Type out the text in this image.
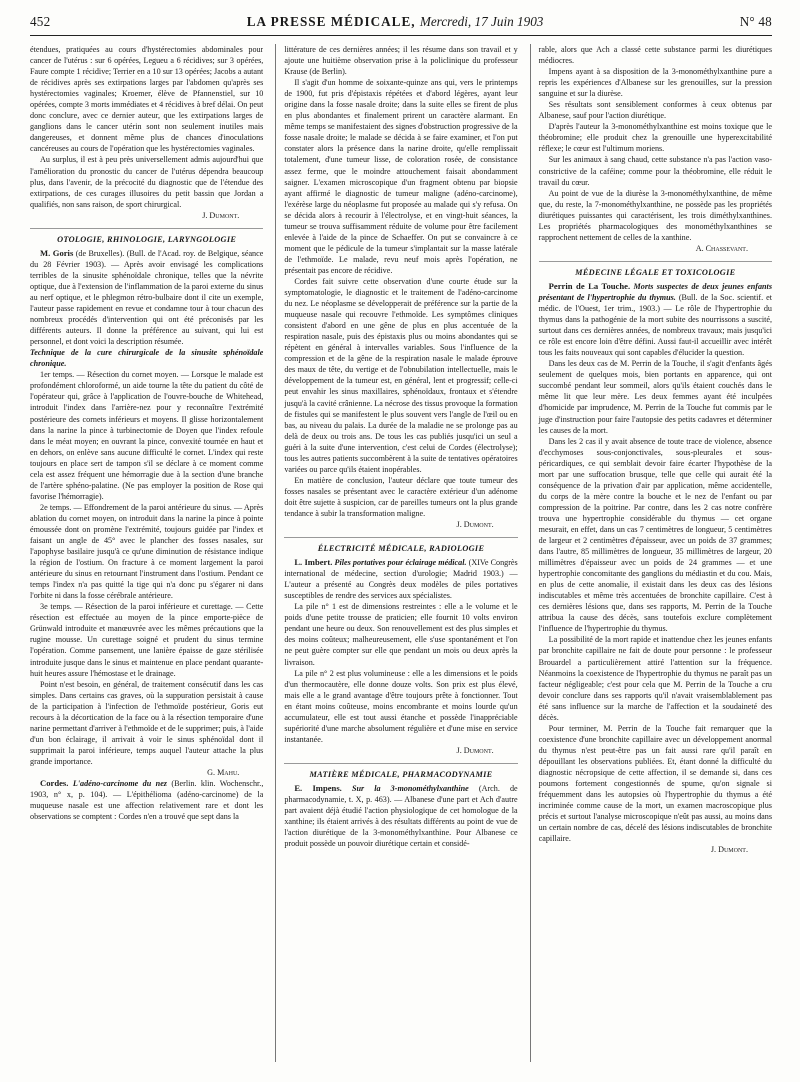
452	LA PRESSE MÉDICALE, Mercredi, 17 Juin 1903	N° 48

étendues, pratiquées au cours d'hystérectomies abdominales pour cancer de l'utérus : sur 6 opérées, Legueu a 6 récidives; sur 3 opérées, Faure compte 1 récidive; Terrier en a 10 sur 13 opérées; Jacobs a autant de récidives après ses extirpations larges par l'abdomen qu'après ses hystérectomies vaginales; Kroemer, élève de Pfannenstiel, sur 10 opérées, compte 3 morts immédiates et 4 récidives à bref délai. On peut donc conclure, avec ce dernier auteur, que les extirpations larges de ganglions dans le cancer utérin sont non seulement inutiles mais dangereuses, et donnent même plus de chances d'inoculations cancéreuses au cours de l'opération que les hystérectomies vaginales.

Au surplus, il est à peu près universellement admis aujourd'hui que l'amélioration du pronostic du cancer de l'utérus dépendra beaucoup plus, dans l'avenir, de la précocité du diagnostic que de l'étendue des extirpations, de ces curages illusoires du petit bassin que Jordan a qualifiés, non sans raison, de sport chirurgical.

J. Dumont.

OTOLOGIE, RHINOLOGIE, LARYNGOLOGIE

M. Goris (de Bruxelles). (Bull. de l'Acad. roy. de Belgique, séance du 28 Février 1903). — Après avoir envisagé les complications terribles de la sinusite sphénoïdale chronique, telles que la névrite optique, due à l'extension de l'inflammation de la paroi externe du sinus au nerf optique, et le phlegmon rétro-bulbaire dont il cite un exemple, l'auteur passe rapidement en revue et condamne tour à tour chacun des nombreux procédés d'intervention qui ont été préconisés par les différents auteurs. Il donne la préférence au suivant, qui lui est personnel, et dont voici la description résumée.

Technique de la cure chirurgicale de la sinusite sphénoïdale chronique.

1er temps. — Résection du cornet moyen. — Lorsque le malade est profondément chloroformé, un aide tourne la tête du patient du côté de l'opérateur qui, grâce à l'application de l'ouvre-bouche de Whitehead, introduit l'index dans l'arrière-nez pour y reconnaître l'extrémité postérieure des cornets inférieurs et moyens. Il glisse horizontalement dans la narine la pince à turbinectomie de Doyen que l'index refoule dans le méat moyen; en ouvrant la pince, convexité tournée en haut et en dehors, on enlève sans aucune difficulté le cornet. L'index qui reste toujours en place sert de tampon s'il se déclare à ce moment comme cela est assez fréquent une hémorragie due à la section d'une branche de l'artère sphéno-palatine. (Ne pas employer la position de Rose qui favorise l'hémorragie).

2e temps. — Effondrement de la paroi antérieure du sinus. — Après ablation du cornet moyen, on introduit dans la narine la pince à pointe émoussée dont on promène l'extrémité, toujours guidée par l'index et faisant un angle de 45° avec le plancher des fosses nasales, sur l'apophyse basilaire jusqu'à ce qu'une diminution de résistance indique la région de l'ostium. On fracture à ce moment largement la paroi antérieure du sinus en retournant l'instrument dans l'ostium. Pendant ce temps l'index n'a pas quitté la tige qui n'a donc pu s'égarer ni dans l'orbite ni dans la fosse cérébrale antérieure.

3e temps. — Résection de la paroi inférieure et curettage. — Cette résection est effectuée au moyen de la pince emporte-pièce de Grünwald introduite et manœuvrée avec les mêmes précautions que la rugine mousse. Un curettage soigné et prudent du sinus termine l'opération. Comme pansement, une lanière épaisse de gaze stérilisée introduite jusque dans le sinus et maintenue en place pendant quarante-huit heures assure l'hémostase et le drainage.

Point n'est besoin, en général, de traitement consécutif dans les cas simples. Dans certains cas graves, où la suppuration persistait à cause de la participation à l'infection de l'ethmoïde postérieur, Goris eut recours à la décortication de la face ou à la résection temporaire d'une narine permettant d'arriver à l'ethmoïde et de le supprimer; puis, à l'aide d'un bon éclairage, il arrivait à voir le sinus sphénoïdal dont il supprimait la paroi inférieure, temps auquel l'auteur attache la plus grande importance.

G. Mahu.

Cordes. L'adéno-carcinome du nez (Berlin. klin. Wochenschr., 1903, n° x, p. 104). — L'épithélioma (adéno-carcinome) de la muqueuse nasale est une affection relativement rare et dont les observations se comptent : Cordes n'en a trouvé que sept dans la

littérature de ces dernières années; il les résume dans son travail et y ajoute une huitième observation prise à la policlinique du professeur Krause (de Berlin).

Il s'agit d'un homme de soixante-quinze ans qui, vers le printemps de 1900, fut pris d'épistaxis répétées et d'abord légères, ayant leur origine dans la fosse nasale droite; dans la suite elles se firent de plus en plus abondantes et finalement prirent un caractère alarmant. En même temps se manifestaient des signes d'obstruction progressive de la fosse nasale droite; le malade se décida à se faire examiner, et l'on put constater alors la présence dans la narine droite, qu'elle remplissait totalement, d'une tumeur lisse, de coloration rosée, de consistance assez ferme, que le moindre attouchement faisait abondamment saigner. L'examen microscopique d'un fragment obtenu par biopsie ayant affirmé le diagnostic de tumeur maligne (adéno-carcinome), l'exérèse large du néoplasme fut proposée au malade qui s'y refusa. On se décida alors à recourir à l'électrolyse, et en vingt-huit séances, la tumeur se trouva suffisamment réduite de volume pour être facilement enlevée à l'aide de la pince de Schaeffer. On put se convaincre à ce moment que le pédicule de la tumeur s'implantait sur la masse latérale de l'ethmoïde. Le malade, revu neuf mois après l'opération, ne présentait pas encore de récidive.

Cordes fait suivre cette observation d'une courte étude sur la symptomatologie, le diagnostic et le traitement de l'adéno-carcinome du nez. Le néoplasme se développerait de préférence sur la partie de la muqueuse nasale qui recouvre l'ethmoïde. Les symptômes cliniques consistent d'abord en une gêne de plus en plus accentuée de la respiration nasale, puis des épistaxis plus ou moins abondantes qui se répètent en général à intervalles variables. Sous l'influence de la compression et de la gêne de la respiration nasale le malade éprouve des maux de tête, du vertige et de l'obnubilation intellectuelle, mais le développement de la tumeur est, en général, lent et progressif; celle-ci peut envahir les sinus maxillaires, sphénoïdaux, frontaux et s'étendre jusqu'à la cavité crânienne. La nécrose des tissus provoque la formation de fistules qui se manifestent le plus souvent vers l'angle de l'œil ou en bas, au niveau du palais. La durée de la maladie ne se prolonge pas au delà de deux ou trois ans. De tous les cas publiés jusqu'ici un seul a guéri à la suite d'une intervention, c'est celui de Cordes (électrolyse); tous les autres patients succombèrent à la suite de tentatives opératoires variées ou parce qu'ils étaient inopérables.

En matière de conclusion, l'auteur déclare que toute tumeur des fosses nasales se présentant avec le caractère extérieur d'un adénome doit être sujette à suspicion, car de pareilles tumeurs ont la plus grande tendance à subir la transformation maligne.

J. Dumont.

ÉLECTRICITÉ MÉDICALE, RADIOLOGIE

L. Imbert. Piles portatives pour éclairage médical. (XIVe Congrès international de médecine, section d'urologie; Madrid 1903.) — L'auteur a présenté au Congrès deux modèles de piles portatives susceptibles de rendre des services aux spécialistes.

La pile n° 1 est de dimensions restreintes : elle a le volume et le poids d'une petite trousse de praticien; elle fournit 10 volts environ pendant une heure ou deux. Son renouvellement est des plus simples et des moins coûteux; malheureusement, elle s'use spontanément et l'on ne peut guère compter sur elle que pendant un mois ou deux après la livraison.

La pile n° 2 est plus volumineuse : elle a les dimensions et le poids d'un thermocautère, elle donne douze volts. Son prix est plus élevé, mais elle a le grand avantage d'être toujours prête à fonctionner. Tout en étant moins coûteuse, moins encombrante et moins lourde qu'un accumulateur, elle est tout aussi étanche et possède l'inappréciable supériorité d'une marche absolument régulière et d'une mise en service instantanée.

J. Dumont.

MATIÈRE MÉDICALE, PHARMACODYNAMIE

E. Impens. Sur la 3-monométhylxanthine (Arch. de pharmacodynamie, t. X, p. 463). — Albanese d'une part et Ach d'autre part avaient déjà étudié l'action physiologique de cet homologue de la xanthine; ils étaient arrivés à des résultats différents au point de vue de l'action diurétique de la 3-monométhylxanthine. Pour Albanese ce produit possède un pouvoir diurétique certain et considé-

rable, alors que Ach a classé cette substance parmi les diurétiques médiocres.

Impens ayant à sa disposition de la 3-monométhylxanthine pure a repris les expériences d'Albanese sur les grenouilles, sur la pression sanguine et sur la diurèse.

Ses résultats sont sensiblement conformes à ceux obtenus par Albanese, sauf pour l'action diurétique.

D'après l'auteur la 3-monométhylxanthine est moins toxique que le théobromine; elle produit chez la grenouille une hyperexcitabilité réflexe; le cœur est l'ultimum moriens.

Sur les animaux à sang chaud, cette substance n'a pas l'action vaso-constrictive de la caféine; comme pour la théobromine, elle réduit le travail du cœur.

Au point de vue de la diurèse la 3-monométhylxanthine, de même que, du reste, la 7-monométhylxanthine, ne possède pas les propriétés diurétiques puissantes qui caractérisent, les trois diméthylxanthines. Les propriétés pharmacologiques des monométhylxanthines se rapprochent nettement de celles de la xanthine.

A. Chassevant.

MÉDECINE LÉGALE ET TOXICOLOGIE

Perrin de La Touche. Morts suspectes de deux jeunes enfants présentant de l'hypertrophie du thymus. (Bull. de la Soc. scientif. et médic. de l'Ouest, 1er trim., 1903.) — Le rôle de l'hypertrophie du thymus dans la pathogénie de la mort subite des nourrissons a suscité, surtout dans ces dernières années, de nombreux travaux; mais jusqu'ici ce rôle est encore loin d'être défini. Aussi faut-il accueillir avec intérêt tous les faits nouveaux qui sont capables d'élucider la question.

Dans les deux cas de M. Perrin de la Touche, il s'agit d'enfants âgés seulement de quelques mois, bien portants en apparence, qui ont succombé pendant leur sommeil, alors qu'ils étaient couchés dans le même lit que leur mère. Les deux femmes ayant été inculpées d'homicide par imprudence, M. Perrin de la Touche fut commis par le juge d'instruction pour faire l'autopsie des petits cadavres et déterminer les causes de la mort.

Dans les 2 cas il y avait absence de toute trace de violence, absence d'ecchymoses sous-conjonctivales, sous-pleurales et sous-péricardiques, ce qui semblait devoir faire écarter l'hypothèse de la mort par une suffocation brusque, telle que celle qui aurait été la conséquence de la privation d'air par application, même accidentelle, du corps de la mère contre la bouche et le nez de l'enfant ou par compression de la poitrine. Par contre, dans les 2 cas notre confrère trouva une hypertrophie considérable du thymus — cet organe mesurait, en effet, dans un cas 7 centimètres de longueur, 5 centimètres de largeur et 2 centimètres d'épaisseur, avec un poids de 37 grammes; dans l'autre, 85 millimètres de longueur, 35 millimètres de largeur, 20 millimètres d'épaisseur avec un poids de 24 grammes — et une hypertrophie concomitante des ganglions du médiastin et du cou. Mais, en plus de cette anomalie, il existait dans les deux cas des lésions indiscutables et même très accentuées de bronchite capillaire. C'est à ces dernières lésions que, dans ses rapports, M. Perrin de la Touche attribua la cause des décès, sans toutefois exclure complètement l'influence de l'hypertrophie du thymus.

La possibilité de la mort rapide et inattendue chez les jeunes enfants par bronchite capillaire ne fait de doute pour personne : le professeur Brouardel a particulièrement attiré l'attention sur la fréquence. Néanmoins la coexistence de l'hypertrophie du thymus ne paraît pas un facteur négligeable; c'est pour cela que M. Perrin de la Touche a cru devoir conclure dans ses rapports qu'il n'avait vraisemblablement pas été sans influence sur la marche de l'affection et la soudaineté des décès.

Pour terminer, M. Perrin de la Touche fait remarquer que la coexistence d'une bronchite capillaire avec un développement anormal du thymus n'est peut-être pas un fait aussi rare qu'il paraît en dépouillant les observations publiées. Et, étant donné la difficulté du diagnostic nécropsique de cette affection, il se demande si, dans ces poumons fortement congestionnés de spume, qu'on signale si fréquemment dans les autopsies où l'hypertrophie du thymus a été incriminée comme cause de la mort, un examen macroscopique plus précis et surtout l'analyse microscopique n'eût pas aussi, au moins dans un certain nombre de cas, décelé des lésions indiscutables de bronchite capillaire.

J. Dumont.
